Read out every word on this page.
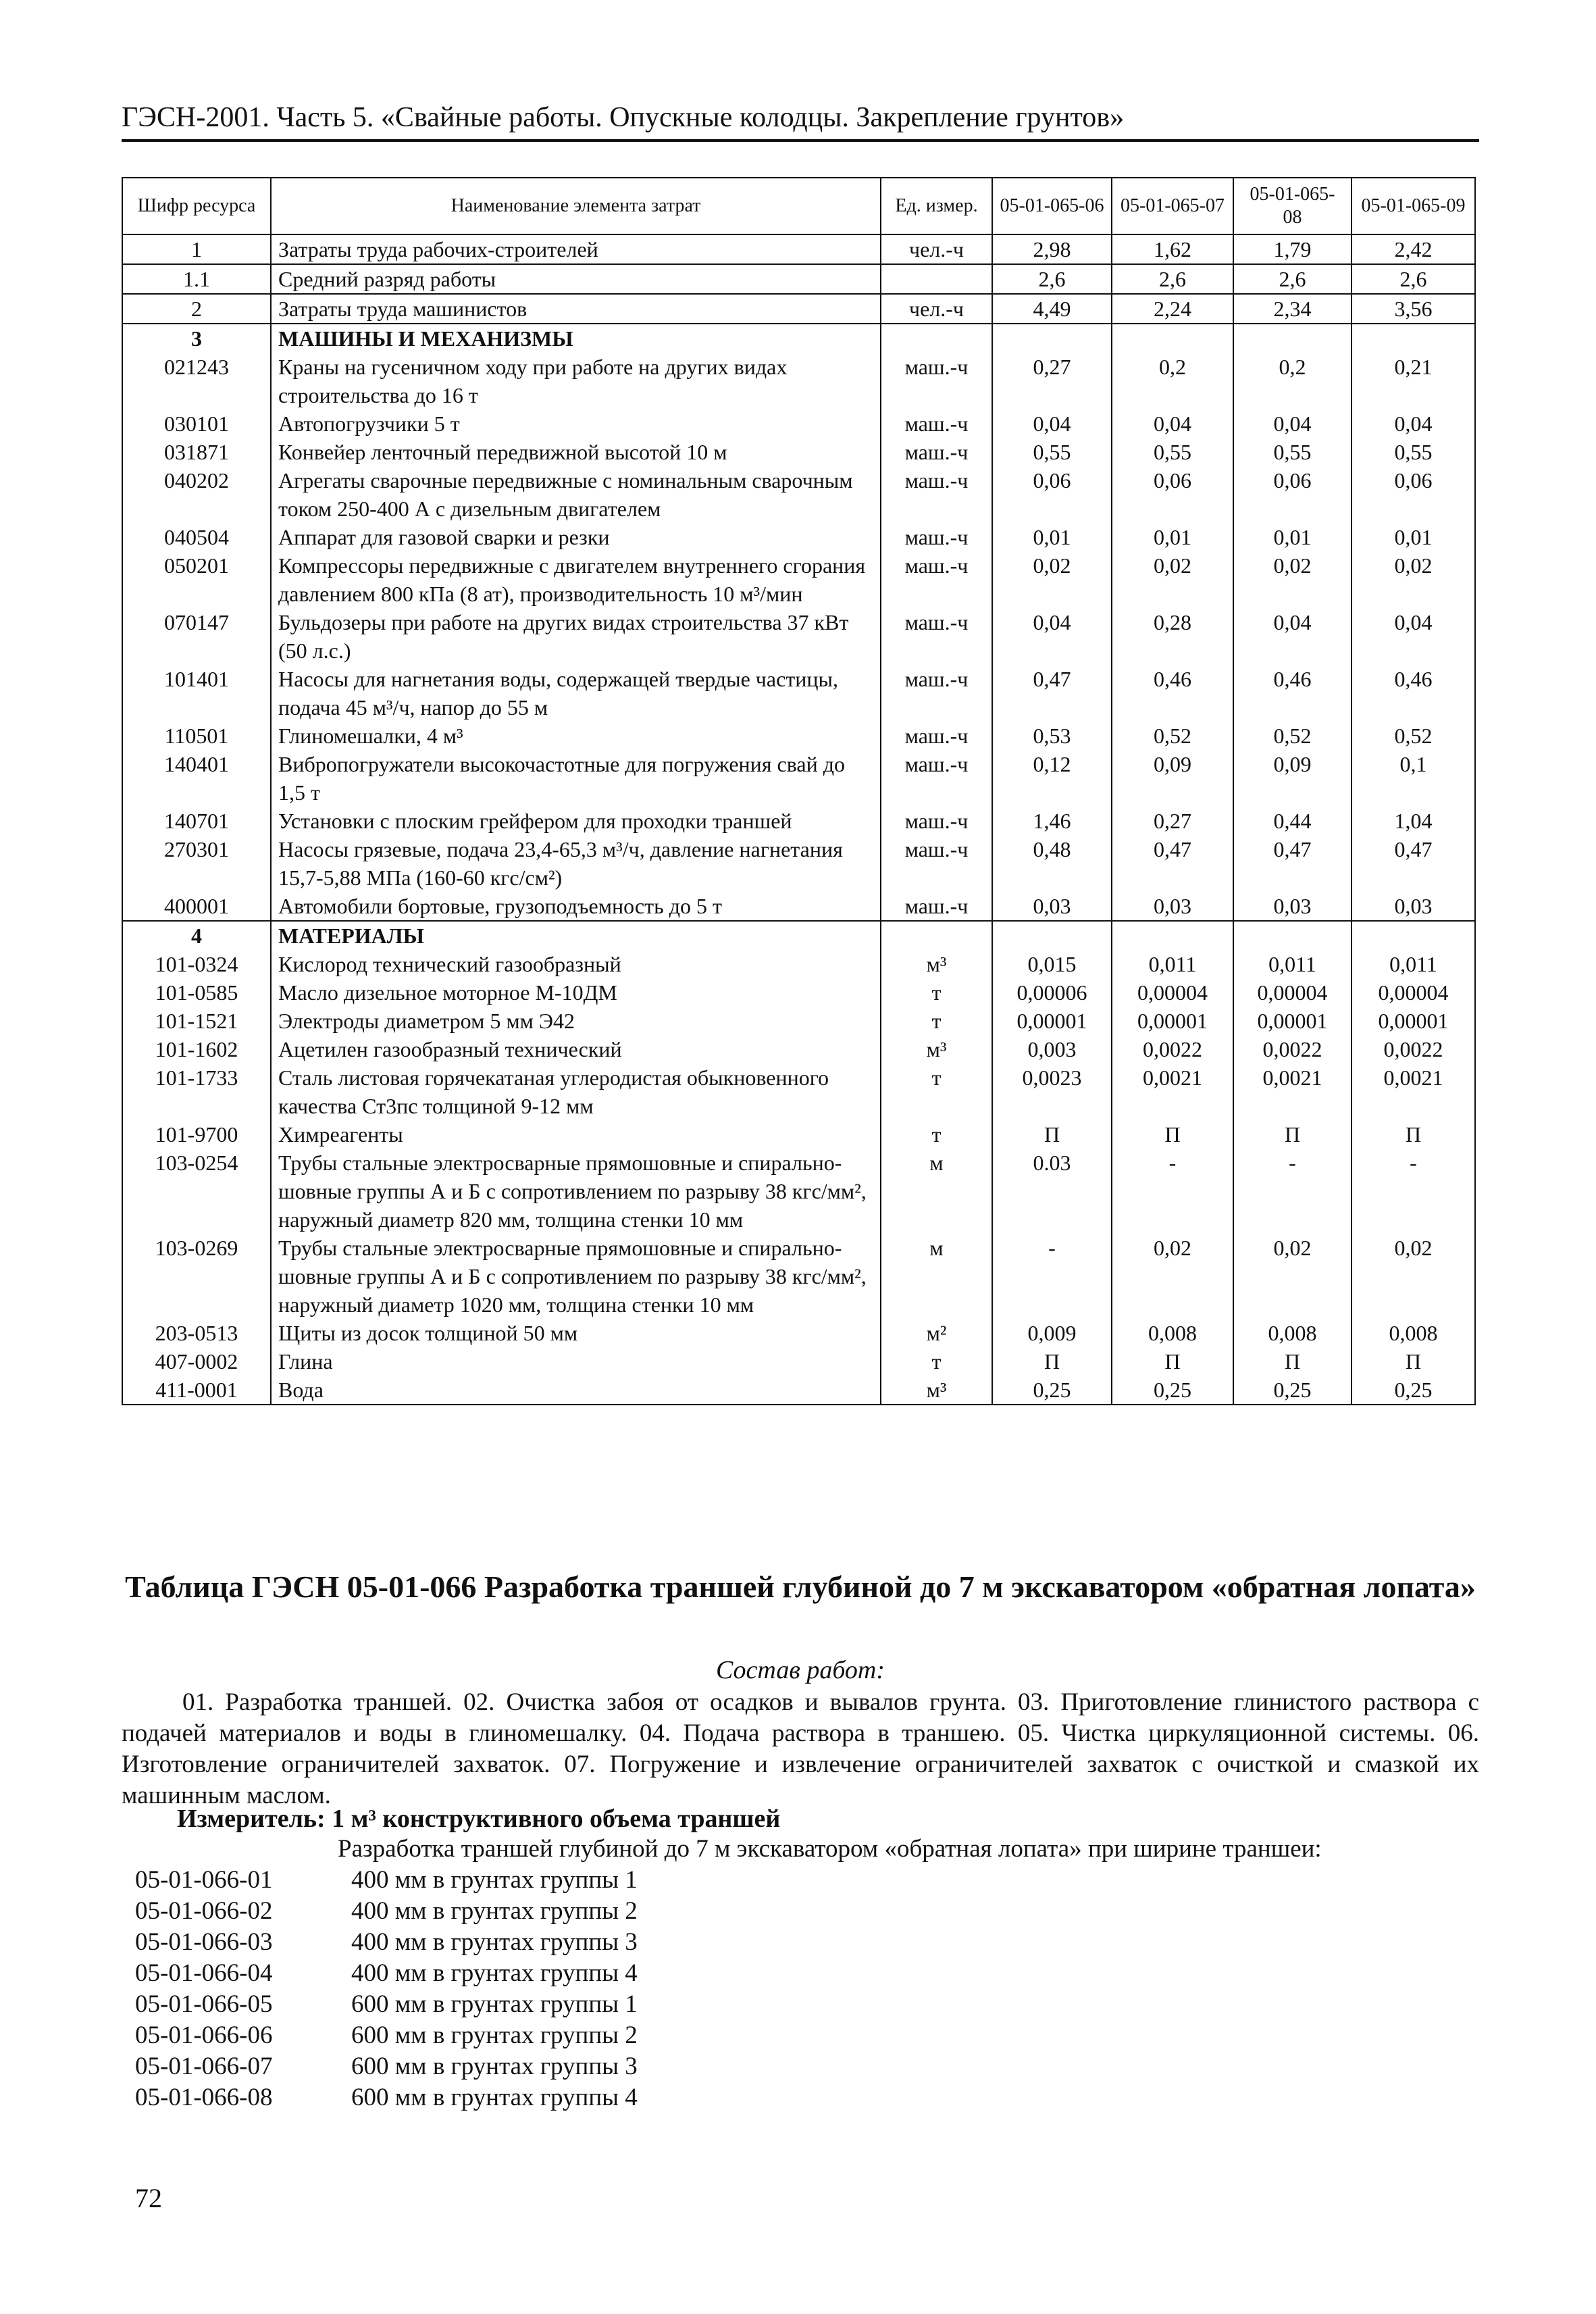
ГЭСН-2001. Часть 5. «Свайные работы. Опускные колодцы. Закрепление грунтов»
Шифр ресурса	Наименование элемента затрат	Ед. измер.	05-01-065-06	05-01-065-07	05-01-065-08	05-01-065-09
1	Затраты труда рабочих-строителей	чел.-ч	2,98	1,62	1,79	2,42
1.1	Средний разряд работы		2,6	2,6	2,6	2,6
2	Затраты труда машинистов	чел.-ч	4,49	2,24	2,34	3,56
3	МАШИНЫ И МЕХАНИЗМЫ					
021243	Краны на гусеничном ходу при работе на других видах строительства до 16 т	маш.-ч	0,27	0,2	0,2	0,21
030101	Автопогрузчики 5 т	маш.-ч	0,04	0,04	0,04	0,04
031871	Конвейер ленточный передвижной высотой 10 м	маш.-ч	0,55	0,55	0,55	0,55
040202	Агрегаты сварочные передвижные с номинальным сварочным током 250-400 А с дизельным двигателем	маш.-ч	0,06	0,06	0,06	0,06
040504	Аппарат для газовой сварки и резки	маш.-ч	0,01	0,01	0,01	0,01
050201	Компрессоры передвижные с двигателем внутреннего сгорания давлением 800 кПа (8 ат), производительность 10 м³/мин	маш.-ч	0,02	0,02	0,02	0,02
070147	Бульдозеры при работе на других видах строительства 37 кВт (50 л.с.)	маш.-ч	0,04	0,28	0,04	0,04
101401	Насосы для нагнетания воды, содержащей твердые частицы, подача 45 м³/ч, напор до 55 м	маш.-ч	0,47	0,46	0,46	0,46
110501	Глиномешалки, 4 м³	маш.-ч	0,53	0,52	0,52	0,52
140401	Вибропогружатели высокочастотные для погружения свай до 1,5 т	маш.-ч	0,12	0,09	0,09	0,1
140701	Установки с плоским грейфером для проходки траншей	маш.-ч	1,46	0,27	0,44	1,04
270301	Насосы грязевые, подача 23,4-65,3 м³/ч, давление нагнетания 15,7-5,88 МПа (160-60 кгс/см²)	маш.-ч	0,48	0,47	0,47	0,47
400001	Автомобили бортовые, грузоподъемность до 5 т	маш.-ч	0,03	0,03	0,03	0,03
4	МАТЕРИАЛЫ					
101-0324	Кислород технический газообразный	м³	0,015	0,011	0,011	0,011
101-0585	Масло дизельное моторное М-10ДМ	т	0,00006	0,00004	0,00004	0,00004
101-1521	Электроды диаметром 5 мм Э42	т	0,00001	0,00001	0,00001	0,00001
101-1602	Ацетилен газообразный технический	м³	0,003	0,0022	0,0022	0,0022
101-1733	Сталь листовая горячекатаная углеродистая обыкновенного качества Ст3пс толщиной 9-12 мм	т	0,0023	0,0021	0,0021	0,0021
101-9700	Химреагенты	т	П	П	П	П
103-0254	Трубы стальные электросварные прямошовные и спирально-шовные группы А и Б с сопротивлением по разрыву 38 кгс/мм², наружный диаметр 820 мм, толщина стенки 10 мм	м	0.03	-	-	-
103-0269	Трубы стальные электросварные прямошовные и спирально-шовные группы А и Б с сопротивлением по разрыву 38 кгс/мм², наружный диаметр 1020 мм, толщина стенки 10 мм	м	-	0,02	0,02	0,02
203-0513	Щиты из досок толщиной 50 мм	м²	0,009	0,008	0,008	0,008
407-0002	Глина	т	П	П	П	П
411-0001	Вода	м³	0,25	0,25	0,25	0,25
Таблица ГЭСН 05-01-066 Разработка траншей глубиной до 7 м экскаватором «обратная лопата»
Состав работ:
01. Разработка траншей. 02. Очистка забоя от осадков и вывалов грунта. 03. Приготовление глинистого раствора с подачей материалов и воды в глиномешалку. 04. Подача раствора в траншею. 05. Чистка циркуляционной системы. 06. Изготовление ограничителей захваток. 07. Погружение и извлечение ограничителей захваток с очисткой и смазкой их машинным маслом.
Измеритель: 1 м³ конструктивного объема траншей
Разработка траншей глубиной до 7 м экскаватором «обратная лопата» при ширине траншеи:
05-01-066-01	400 мм в грунтах группы 1
05-01-066-02	400 мм в грунтах группы 2
05-01-066-03	400 мм в грунтах группы 3
05-01-066-04	400 мм в грунтах группы 4
05-01-066-05	600 мм в грунтах группы 1
05-01-066-06	600 мм в грунтах группы 2
05-01-066-07	600 мм в грунтах группы 3
05-01-066-08	600 мм в грунтах группы 4
72
